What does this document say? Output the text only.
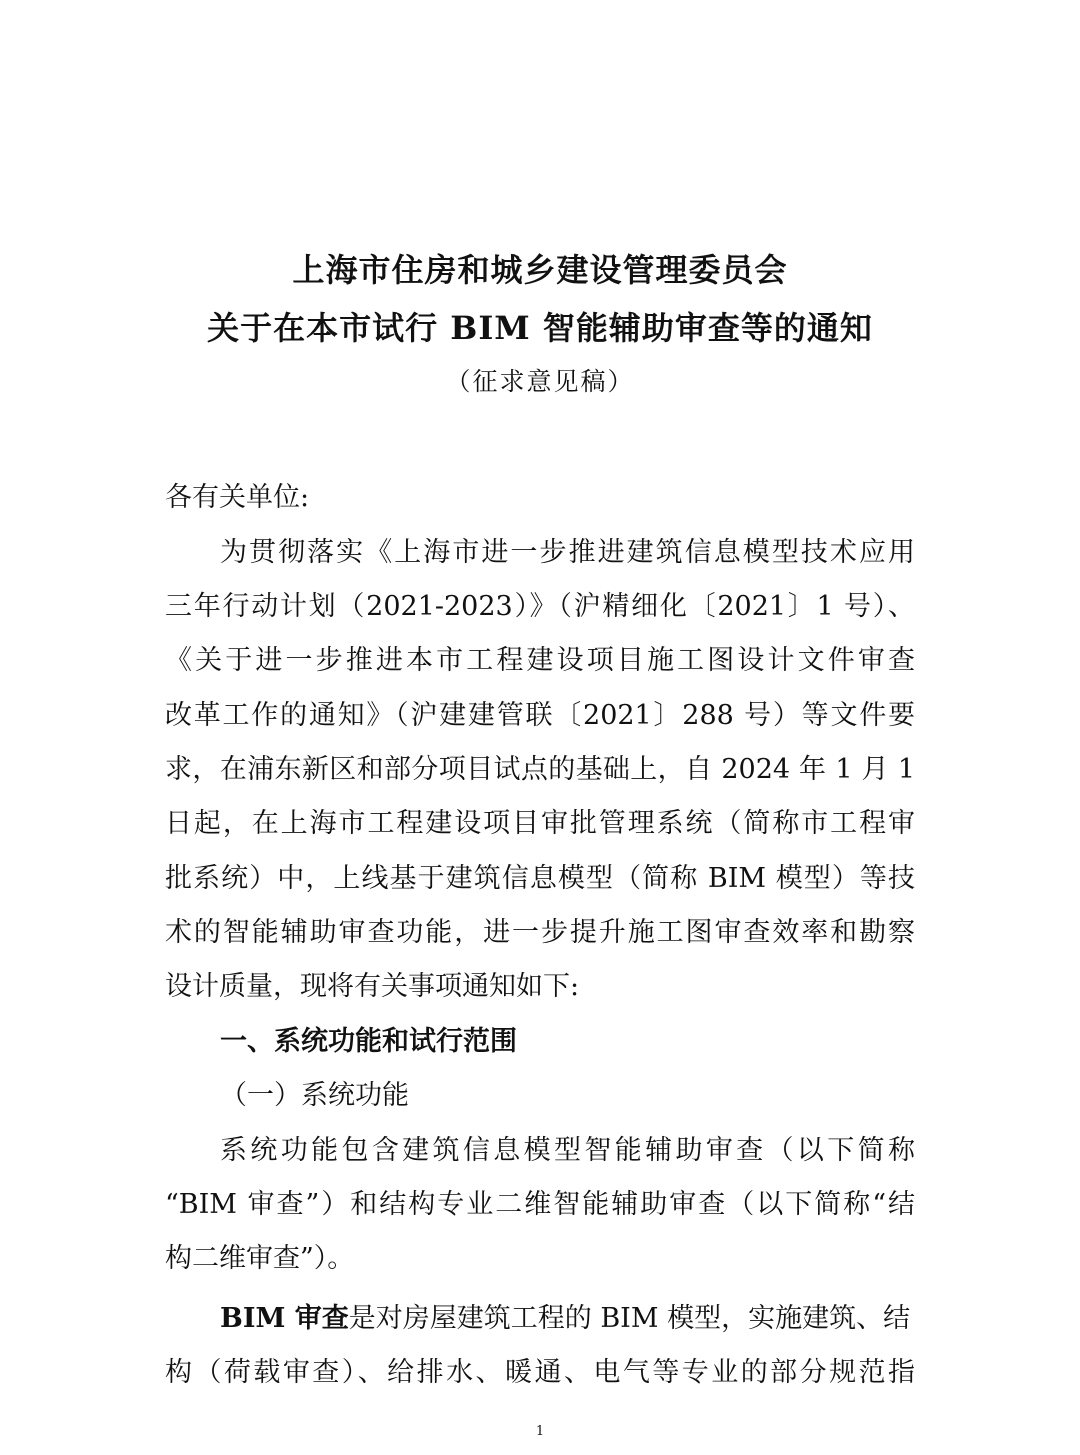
上海市住房和城乡建设管理委员会
关于在本市试行 BIM 智能辅助审查等的通知
（征求意见稿）
各有关单位:
为贯彻落实《上海市进一步推进建筑信息模型技术应用
三年行动计划（2021-2023）》（沪精细化〔2021〕1 号）、
《关于进一步推进本市工程建设项目施工图设计文件审查
改革工作的通知》（沪建建管联〔2021〕288 号）等文件要
求，在浦东新区和部分项目试点的基础上，自 2024 年 1 月 1
日起，在上海市工程建设项目审批管理系统（简称市工程审
批系统）中，上线基于建筑信息模型（简称 BIM 模型）等技
术的智能辅助审查功能，进一步提升施工图审查效率和勘察
设计质量，现将有关事项通知如下:
一、系统功能和试行范围
（一）系统功能
系统功能包含建筑信息模型智能辅助审查（以下简称
“BIM 审查”）和结构专业二维智能辅助审查（以下简称“结
构二维审查”）。
BIM 审查是对房屋建筑工程的 BIM 模型，实施建筑、结
构（荷载审查）、给排水、暖通、电气等专业的部分规范指
1
